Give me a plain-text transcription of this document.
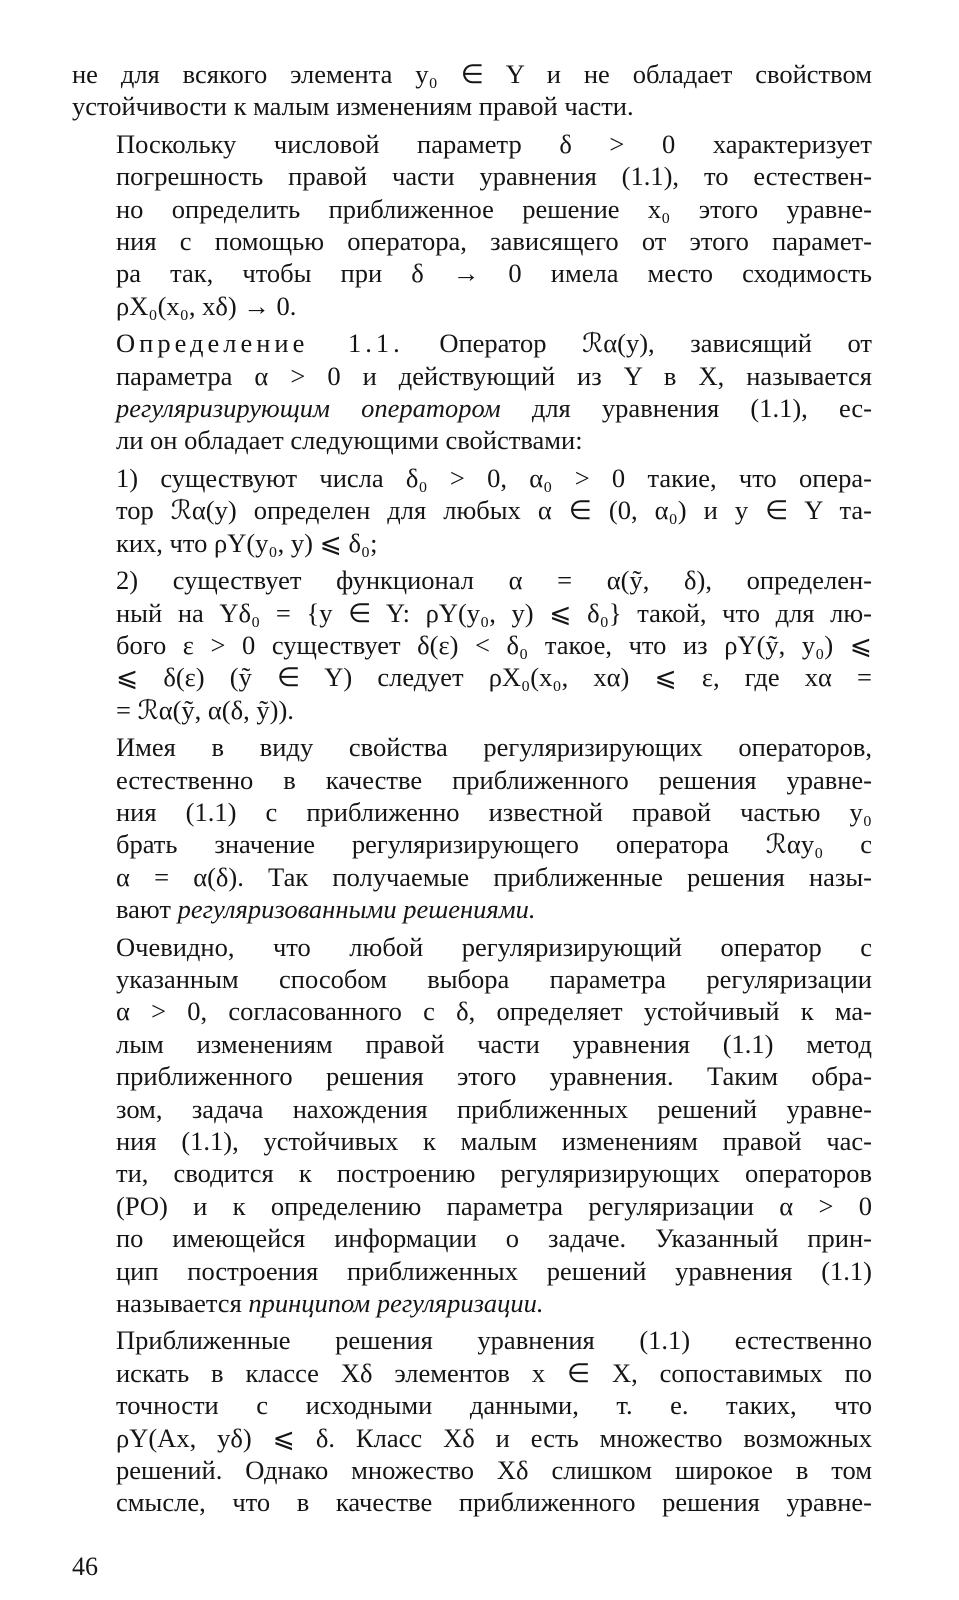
не для всякого элемента y₀ ∈ Y и не обладает свойством
устойчивости к малым изменениям правой части.

Поскольку числовой параметр δ > 0 характеризует
погрешность правой части уравнения (1.1), то естествен-
но определить приближенное решение x₀ этого уравне-
ния с помощью оператора, зависящего от этого парамет-
ра так, чтобы при δ → 0 имела место сходимость
ρX₀(x₀, xδ) → 0.

Определение 1.1. Оператор ℛα(y), зависящий от
параметра α > 0 и действующий из Y в X, называется
регуляризирующим оператором для уравнения (1.1), ес-
ли он обладает следующими свойствами:

1) существуют числа δ₀ > 0, α₀ > 0 такие, что опера-
тор ℛα(y) определен для любых α ∈ (0, α₀) и y ∈ Y та-
ких, что ρY(y₀, y) ⩽ δ₀;

2) существует функционал α = α(ỹ, δ), определен-
ный на Yδ₀ = {y ∈ Y: ρY(y₀, y) ⩽ δ₀} такой, что для лю-
бого ε > 0 существует δ(ε) < δ₀ такое, что из ρY(ỹ, y₀) ⩽
⩽ δ(ε) (ỹ ∈ Y) следует ρX₀(x₀, xα) ⩽ ε, где xα =
= ℛα(ỹ, α(δ, ỹ)).

Имея в виду свойства регуляризирующих операторов,
естественно в качестве приближенного решения уравне-
ния (1.1) с приближенно известной правой частью y₀
брать значение регуляризирующего оператора ℛαy₀ с
α = α(δ). Так получаемые приближенные решения назы-
вают регуляризованными решениями.

Очевидно, что любой регуляризирующий оператор с
указанным способом выбора параметра регуляризации
α > 0, согласованного с δ, определяет устойчивый к ма-
лым изменениям правой части уравнения (1.1) метод
приближенного решения этого уравнения. Таким обра-
зом, задача нахождения приближенных решений уравне-
ния (1.1), устойчивых к малым изменениям правой час-
ти, сводится к построению регуляризирующих операторов
(РО) и к определению параметра регуляризации α > 0
по имеющейся информации о задаче. Указанный прин-
цип построения приближенных решений уравнения (1.1)
называется принципом регуляризации.

Приближенные решения уравнения (1.1) естественно
искать в классе Xδ элементов x ∈ X, сопоставимых по
точности с исходными данными, т. е. таких, что
ρY(Ax, yδ) ⩽ δ. Класс Xδ и есть множество возможных
решений. Однако множество Xδ слишком широкое в том
смысле, что в качестве приближенного решения уравне-

46
